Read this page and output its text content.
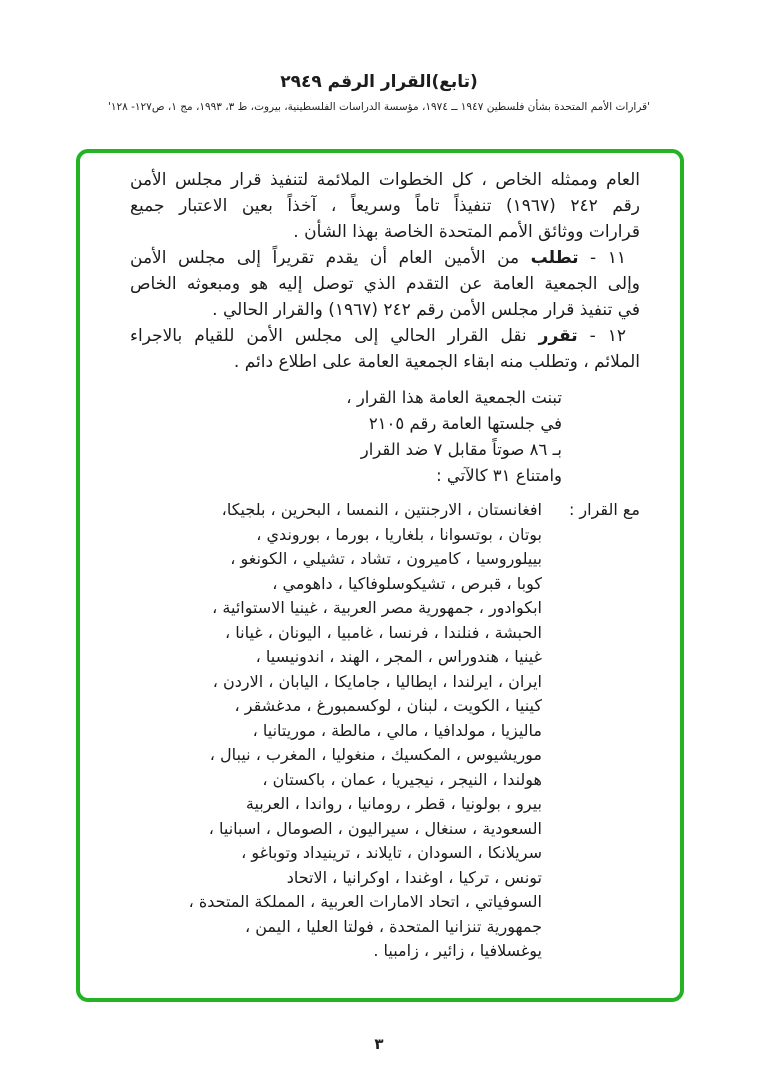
(تابع)القرار الرقم ٢٩٤٩
'قرارات الأمم المتحدة بشأن فلسطين ١٩٤٧ ــ ١٩٧٤، مؤسسة الدراسات الفلسطينية، بيروت، ط ٣، ١٩٩٣، مج ١، ص١٢٧- ١٢٨'
العام وممثله الخاص ، كل الخطوات الملائمة لتنفيذ قرار مجلس الأمن
رقم ٢٤٢ (١٩٦٧) تنفيذاً تاماً وسريعاً ، آخذاً بعين الاعتبار جميع
قرارات ووثائق الأمم المتحدة الخاصة بهذا الشأن .
١١ - تطلب من الأمين العام أن يقدم تقريراً إلى مجلس الأمن
وإلى الجمعية العامة عن التقدم الذي توصل إليه هو ومبعوثه الخاص
في تنفيذ قرار مجلس الأمن رقم ٢٤٢ (١٩٦٧) والقرار الحالي .
١٢ - تقرر نقل القرار الحالي إلى مجلس الأمن للقيام بالاجراء
الملائم ، وتطلب منه ابقاء الجمعية العامة على اطلاع دائم .
تبنت الجمعية العامة هذا القرار ،
في جلستها العامة رقم ٢١٠٥
بـ ٨٦ صوتاً مقابل ٧ ضد القرار
وامتناع ٣١ كالآتي :
مع القرار :
افغانستان ، الارجنتين ، النمسا ، البحرين ، بلجيكا،
بوتان ، بوتسوانا ، بلغاريا ، بورما ، بوروندي ،
بييلوروسيا ، كاميرون ، تشاد ، تشيلي ، الكونغو ،
كوبا ، قبرص ، تشيكوسلوفاكيا ، داهومي ،
ابكوادور ، جمهورية مصر العربية ، غينيا الاستوائية ،
الحبشة ، فنلندا ، فرنسا ، غامبيا ، اليونان ، غيانا ،
غينيا ، هندوراس ، المجر ، الهند ، اندونيسيا ،
ايران ، ايرلندا ، ايطاليا ، جامايكا ، اليابان ، الاردن ،
كينيا ، الكويت ، لبنان ، لوكسمبورغ ، مدغشقر ،
ماليزيا ، مولدافيا ، مالي ، مالطة ، موريتانيا ،
موريشيوس ، المكسيك ، منغوليا ، المغرب ، نيبال ،
هولندا ، النيجر ، نيجيريا ، عمان ، باكستان ،
بيرو ، بولونيا ، قطر ، رومانيا ، رواندا ، العربية
السعودية ، سنغال ، سيراليون ، الصومال ، اسبانيا ،
سريلانكا ، السودان ، تايلاند ، ترينيداد وتوباغو ،
تونس ، تركيا ، اوغندا ، اوكرانيا ، الاتحاد
السوفياتي ، اتحاد الامارات العربية ، المملكة المتحدة ،
جمهورية تنزانيا المتحدة ، فولتا العليا ، اليمن ،
يوغسلافيا ، زائير ، زامبيا .
٣
